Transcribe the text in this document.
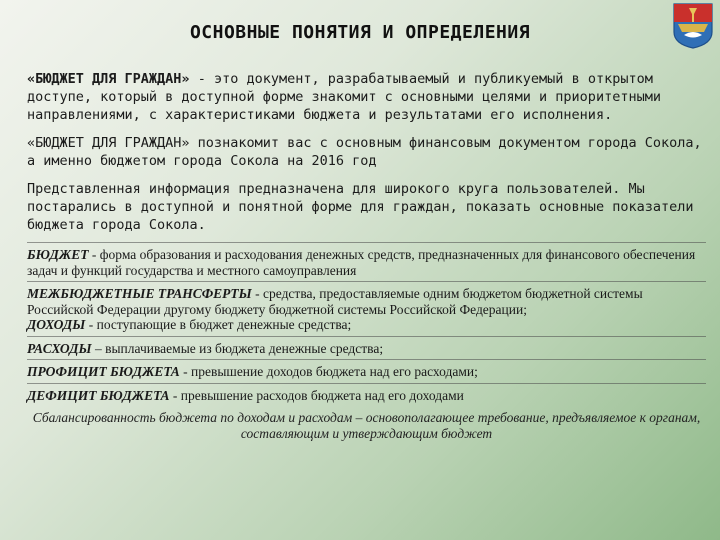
ОСНОВНЫЕ ПОНЯТИЯ И ОПРЕДЕЛЕНИЯ

«БЮДЖЕТ ДЛЯ ГРАЖДАН» - это документ, разрабатываемый и публикуемый в открытом доступе, который в доступной форме знакомит с основными целями и приоритетными направлениями, с характеристиками бюджета и результатами его исполнения.

«БЮДЖЕТ ДЛЯ ГРАЖДАН» познакомит вас с основным финансовым документом города Сокола, а именно бюджетом города Сокола на 2016 год

Представленная информация предназначена для широкого круга пользователей. Мы постарались в доступной и понятной форме для граждан, показать основные показатели бюджета города Сокола.

БЮДЖЕТ - форма образования и расходования денежных средств, предназначенных для финансового обеспечения задач и функций государства и местного самоуправления

МЕЖБЮДЖЕТНЫЕ ТРАНСФЕРТЫ - средства, предоставляемые одним бюджетом бюджетной системы Российской Федерации другому бюджету бюджетной системы Российской Федерации;
ДОХОДЫ - поступающие в бюджет денежные средства;

РАСХОДЫ – выплачиваемые из бюджета денежные средства;

ПРОФИЦИТ БЮДЖЕТА - превышение доходов бюджета над его расходами;

ДЕФИЦИТ БЮДЖЕТА - превышение расходов бюджета над его доходами

Сбалансированность бюджета по доходам и расходам – основополагающее требование, предъявляемое к органам, составляющим и утверждающим бюджет
